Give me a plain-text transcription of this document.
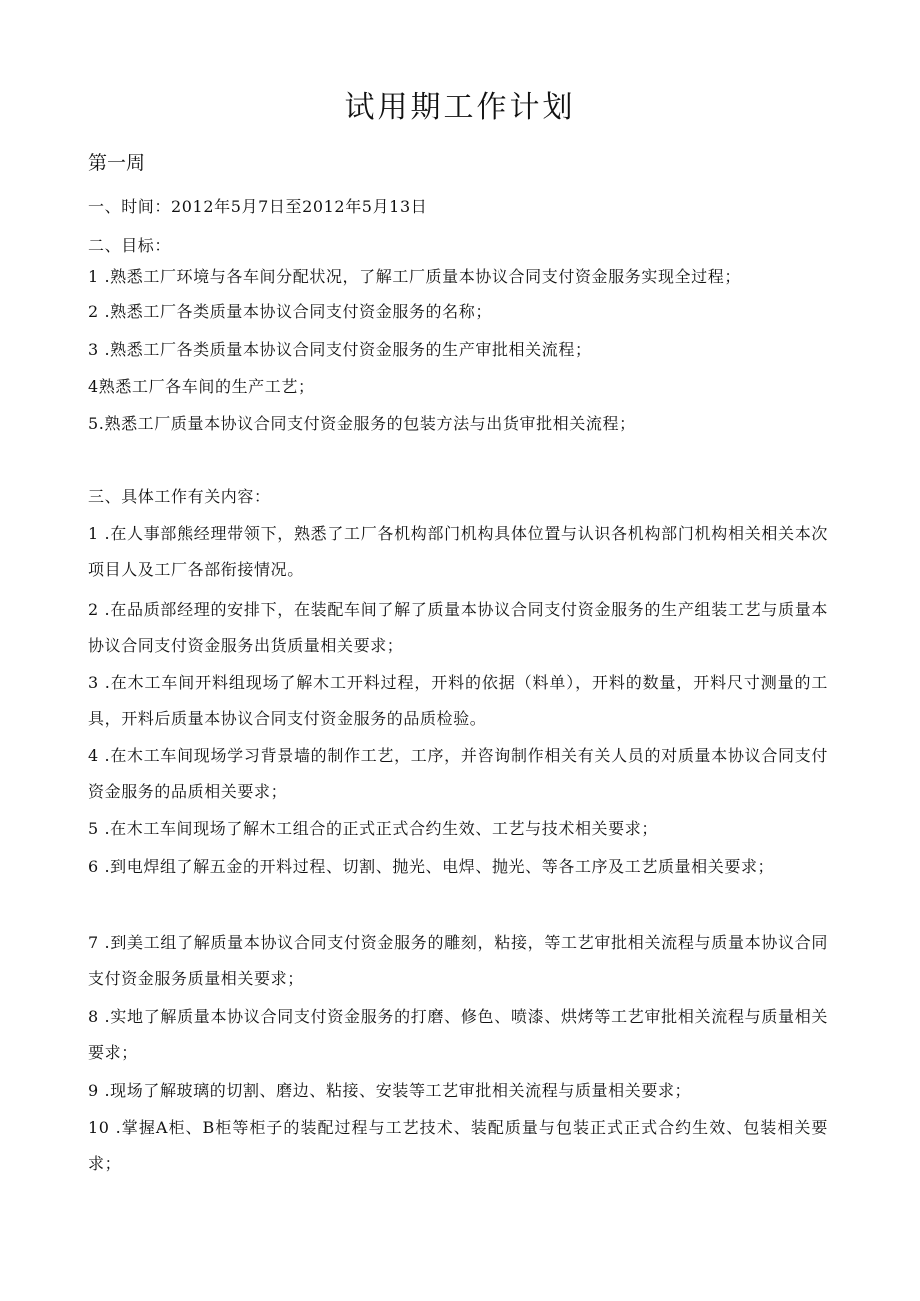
试用期工作计划
第一周
一、时间：2012年5月7日至2012年5月13日
二、目标：
1 .熟悉工厂环境与各车间分配状况，了解工厂质量本协议合同支付资金服务实现全过程；
2 .熟悉工厂各类质量本协议合同支付资金服务的名称；
3 .熟悉工厂各类质量本协议合同支付资金服务的生产审批相关流程；
4熟悉工厂各车间的生产工艺；
5.熟悉工厂质量本协议合同支付资金服务的包装方法与出货审批相关流程；
三、具体工作有关内容：
1 .在人事部熊经理带领下，熟悉了工厂各机构部门机构具体位置与认识各机构部门机构相关相关本次项目人及工厂各部衔接情况。
2 .在品质部经理的安排下，在装配车间了解了质量本协议合同支付资金服务的生产组装工艺与质量本协议合同支付资金服务出货质量相关要求；
3 .在木工车间开料组现场了解木工开料过程，开料的依据（料单），开料的数量，开料尺寸测量的工具，开料后质量本协议合同支付资金服务的品质检验。
4 .在木工车间现场学习背景墙的制作工艺，工序，并咨询制作相关有关人员的对质量本协议合同支付资金服务的品质相关要求；
5 .在木工车间现场了解木工组合的正式正式合约生效、工艺与技术相关要求；
6 .到电焊组了解五金的开料过程、切割、抛光、电焊、抛光、等各工序及工艺质量相关要求；
7 .到美工组了解质量本协议合同支付资金服务的雕刻，粘接，等工艺审批相关流程与质量本协议合同支付资金服务质量相关要求；
8 .实地了解质量本协议合同支付资金服务的打磨、修色、喷漆、烘烤等工艺审批相关流程与质量相关要求；
9 .现场了解玻璃的切割、磨边、粘接、安装等工艺审批相关流程与质量相关要求；
10 .掌握A柜、B柜等柜子的装配过程与工艺技术、装配质量与包装正式正式合约生效、包装相关要求；
